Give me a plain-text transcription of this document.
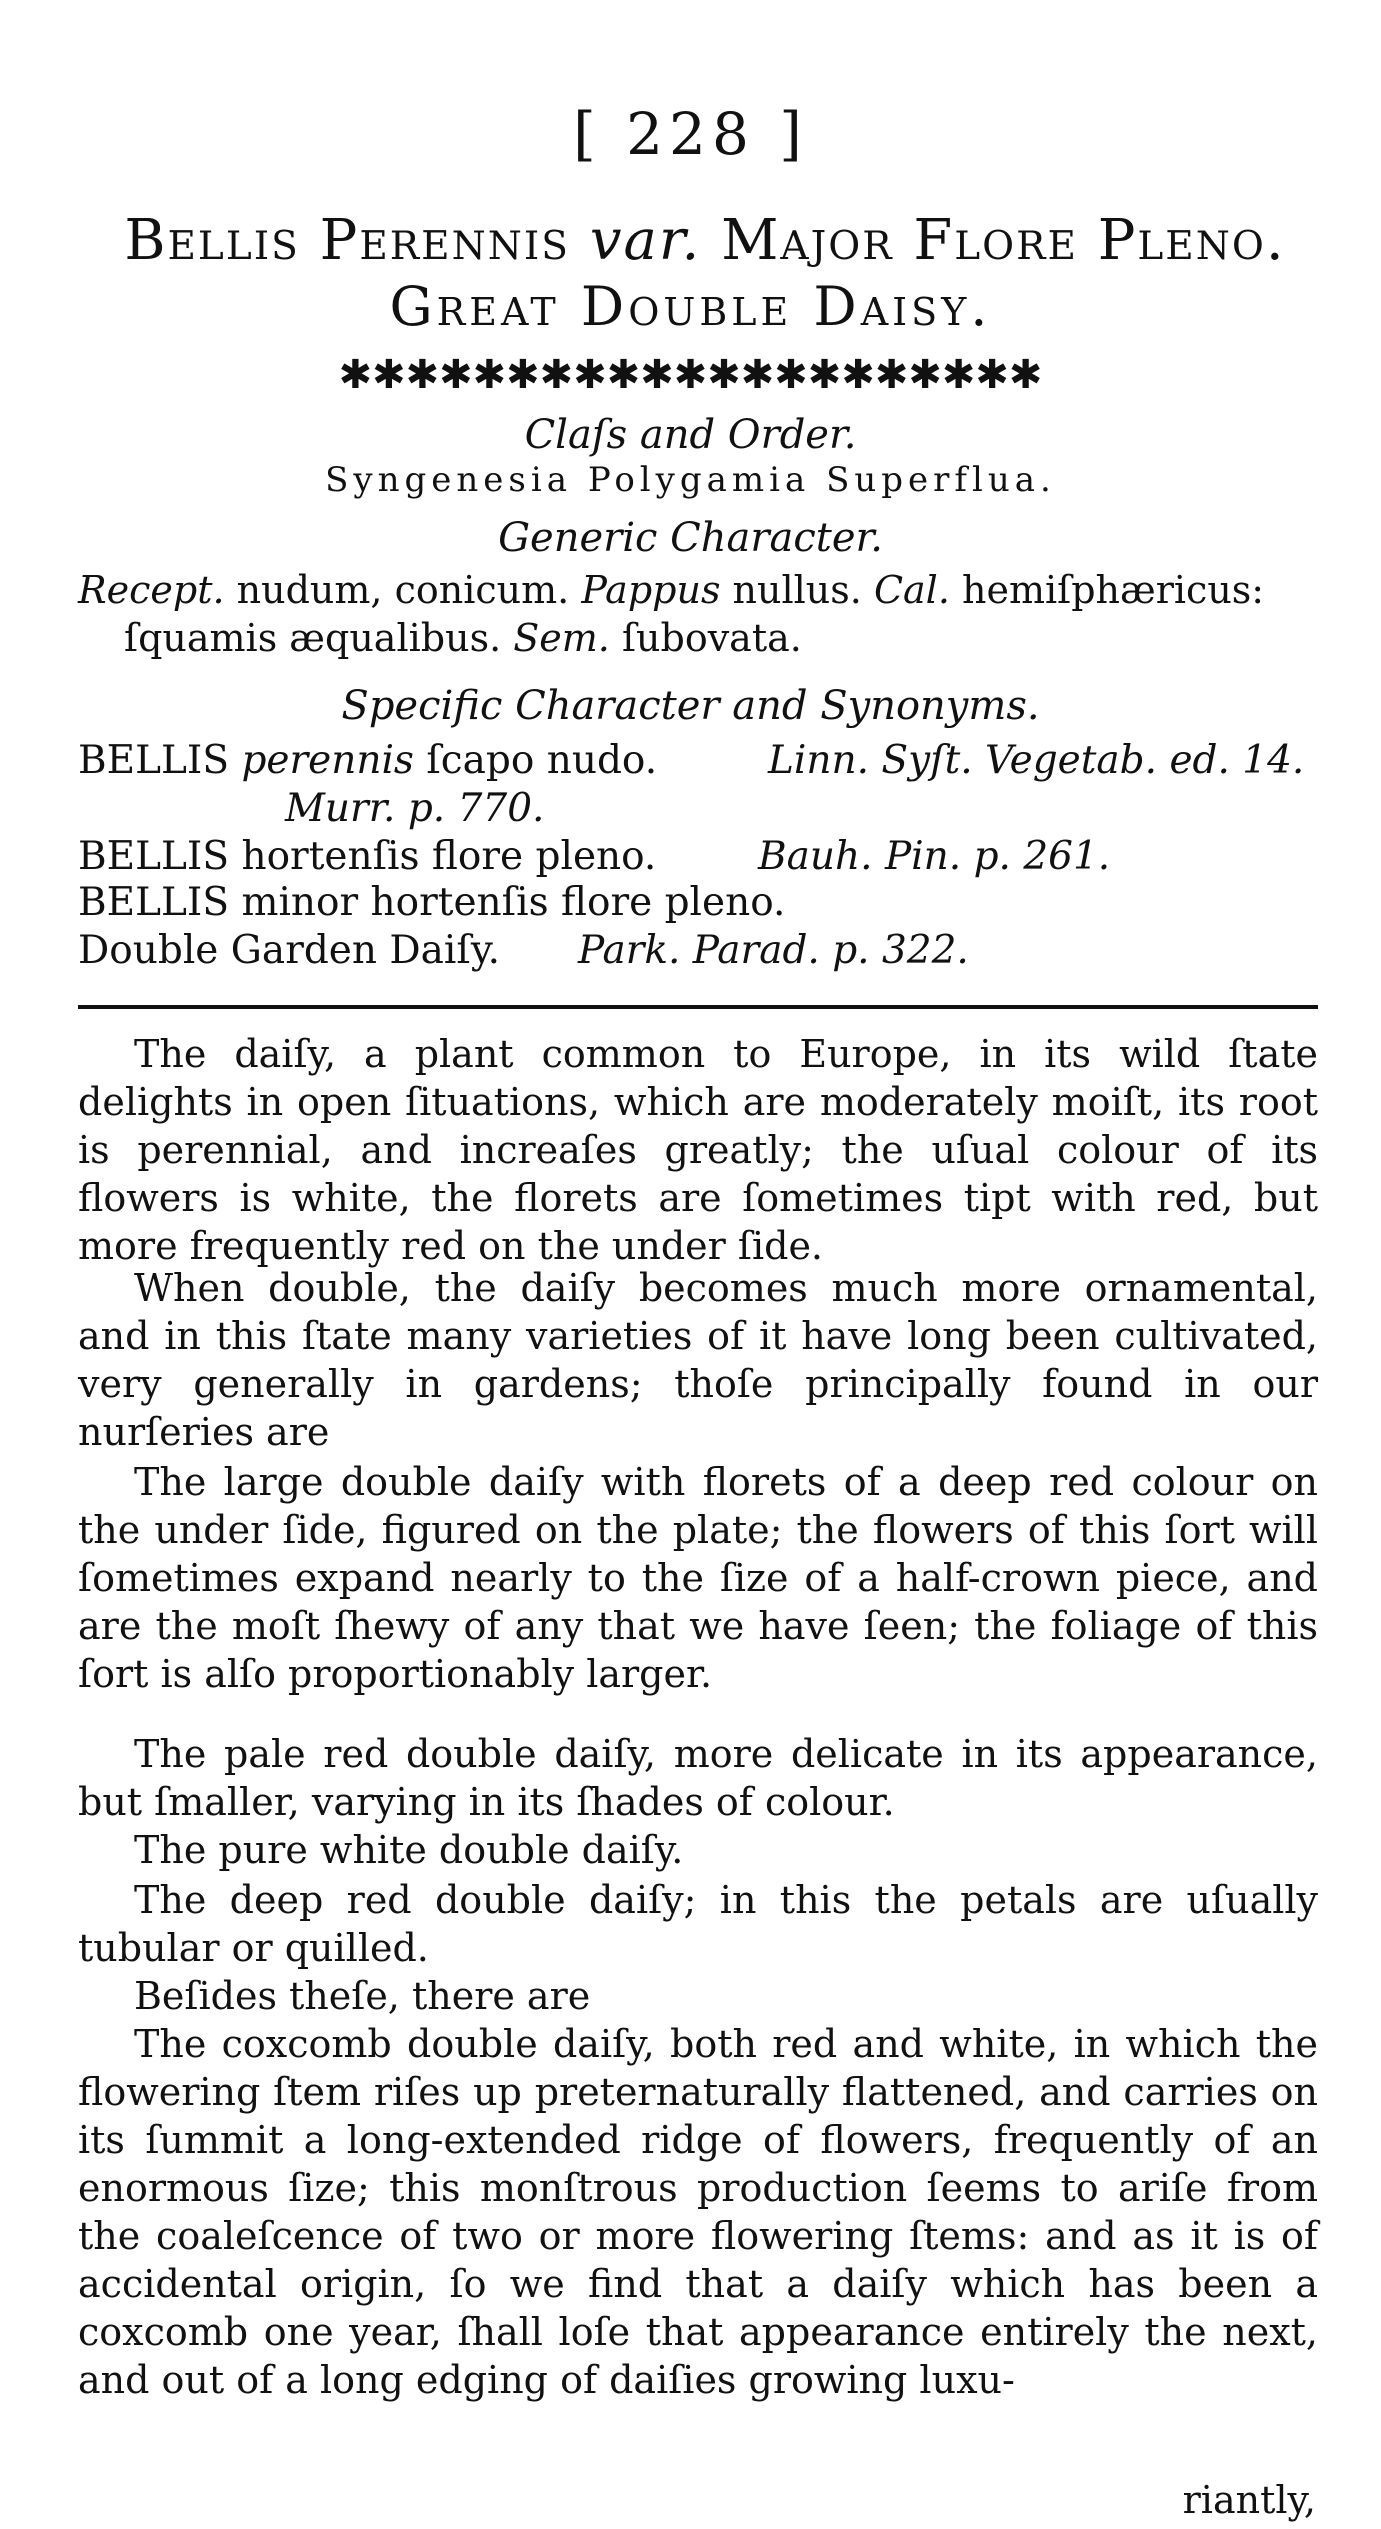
[ 228 ]
Bellis Perennis var. Major Flore Pleno.
Great Double Daisy.
✱✱✱✱✱✱✱✱✱✱✱✱✱✱✱✱✱✱✱✱✱
Claſs and Order.
Syngenesia Polygamia Superflua.
Generic Character.
Recept. nudum, conicum. Pappus nullus. Cal. hemiſphæricus:
ſquamis æqualibus. Sem. ſubovata.
Specific Character and Synonyms.
BELLIS perennis ſcapo nudo.	Linn. Syſt. Vegetab. ed. 14.
Murr. p. 770.
BELLIS hortenſis flore pleno.	Bauh. Pin. p. 261.
BELLIS minor hortenſis flore pleno.
Double Garden Daiſy. Park. Parad. p. 322.
The daiſy, a plant common to Europe, in its wild ſtate delights in open ſituations, which are moderately moiſt, its root is perennial, and increaſes greatly; the uſual colour of its flowers is white, the florets are ſometimes tipt with red, but more frequently red on the under ſide.
When double, the daiſy becomes much more ornamental, and in this ſtate many varieties of it have long been cultivated, very generally in gardens; thoſe principally found in our nurſeries are
The large double daiſy with florets of a deep red colour on the under ſide, figured on the plate; the flowers of this ſort will ſometimes expand nearly to the ſize of a half-crown piece, and are the moſt ſhewy of any that we have ſeen; the foliage of this ſort is alſo proportionably larger.
The pale red double daiſy, more delicate in its appearance, but ſmaller, varying in its ſhades of colour.
The pure white double daiſy.
The deep red double daiſy; in this the petals are uſually tubular or quilled.
Beſides theſe, there are
The coxcomb double daiſy, both red and white, in which the flowering ſtem riſes up preternaturally flattened, and carries on its ſummit a long-extended ridge of flowers, frequently of an enormous ſize; this monſtrous production ſeems to ariſe from the coaleſcence of two or more flowering ſtems: and as it is of accidental origin, ſo we find that a daiſy which has been a coxcomb one year, ſhall loſe that appearance entirely the next, and out of a long edging of daiſies growing luxu-
riantly,
